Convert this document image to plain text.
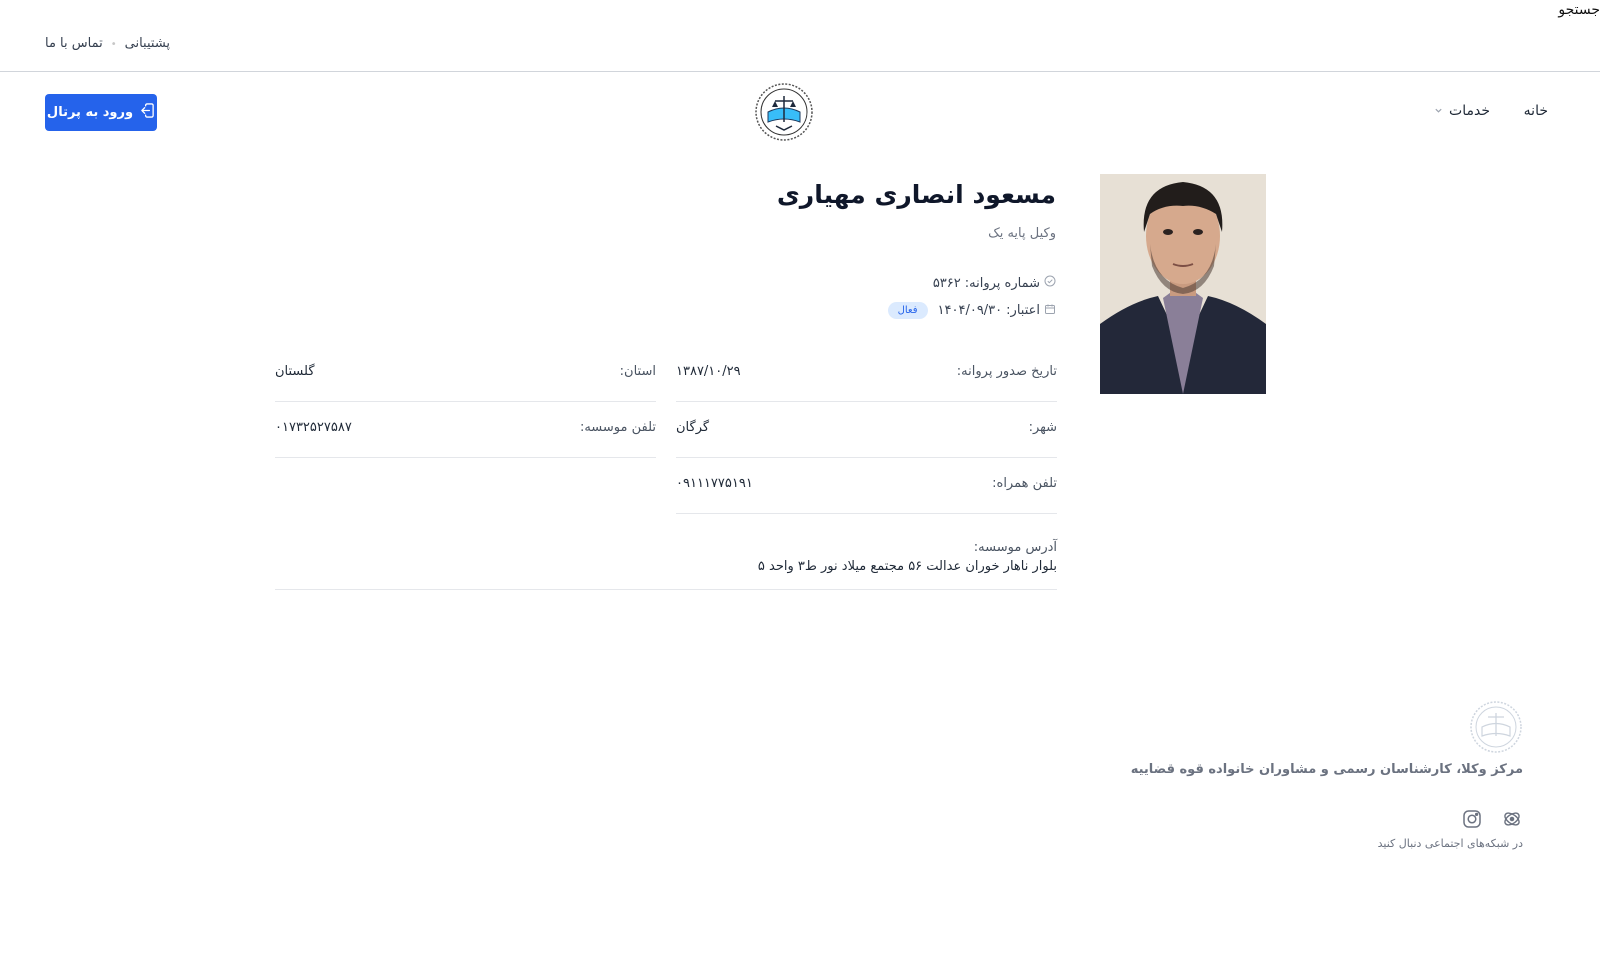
جستجو
پشتیبانی•تماس با ما
ورود به پرتال	خانه
خدمات
مسعود انصاری مهیاری
وکیل پایه یک
شماره پروانه:
۵۳۶۲
اعتبار:
۱۴۰۴/۰۹/۳۰
فعال
تاریخ صدور پروانه:
۱۳۸۷/۱۰/۲۹
استان:
گلستان
شهر:
گرگان
تلفن موسسه:
۰۱۷۳۲۵۲۷۵۸۷
تلفن همراه:
۰۹۱۱۱۷۷۵۱۹۱
آدرس موسسه:
بلوار ناهار خوران عدالت ۵۶ مجتمع میلاد نور ط۳ واحد ۵
مرکز وکلا، کارشناسان رسمی و مشاوران خانواده قوه قضاییه
در شبکه‌های اجتماعی دنبال کنید
